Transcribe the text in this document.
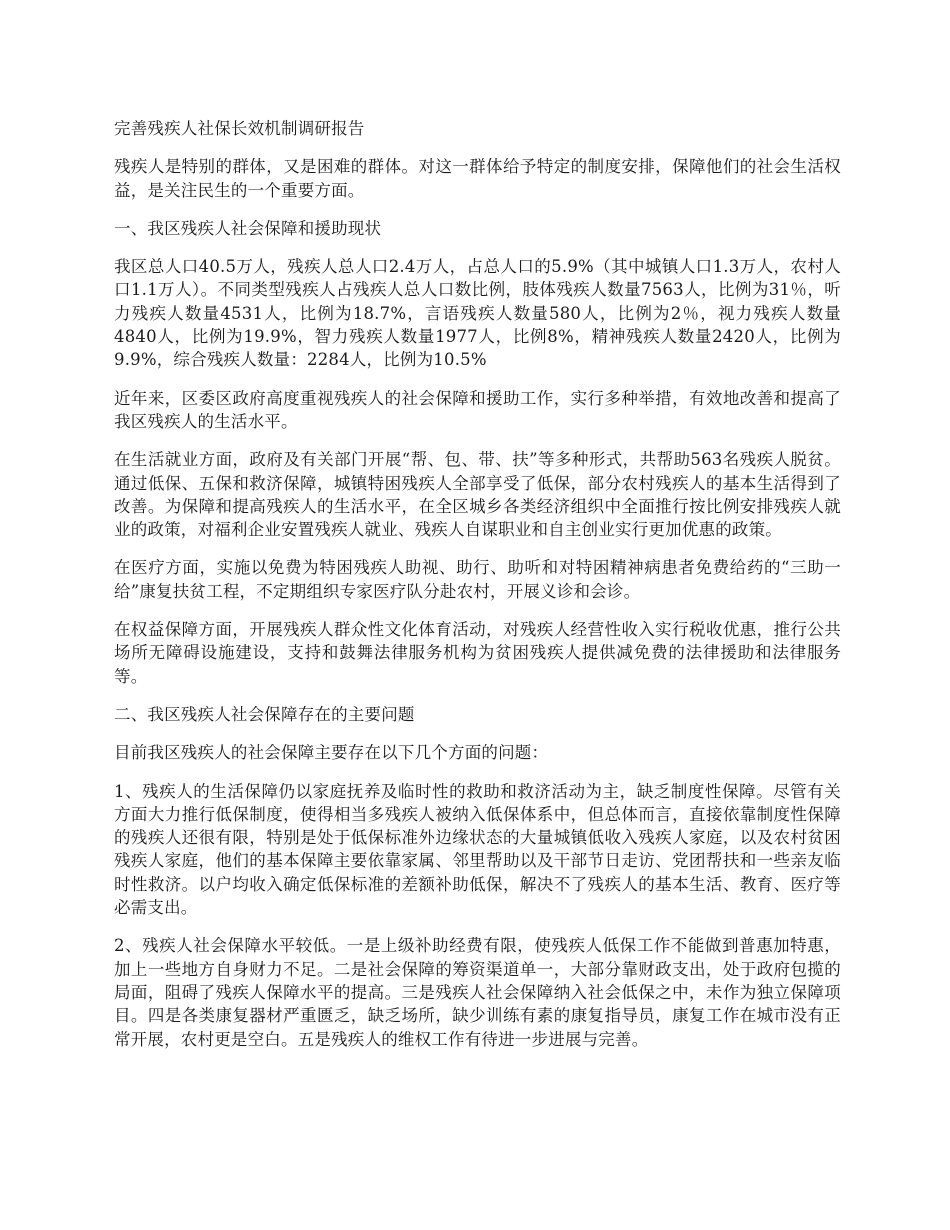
完善残疾人社保长效机制调研报告
残疾人是特别的群体，又是困难的群体。对这一群体给予特定的制度安排，保障他们的社会生活权益，是关注民生的一个重要方面。
一、我区残疾人社会保障和援助现状
我区总人口40.5万人，残疾人总人口2.4万人，占总人口的5.9%（其中城镇人口1.3万人，农村人口1.1万人）。不同类型残疾人占残疾人总人口数比例，肢体残疾人数量7563人，比例为31％，听力残疾人数量4531人，比例为18.7%，言语残疾人数量580人，比例为2％，视力残疾人数量4840人，比例为19.9%，智力残疾人数量1977人，比例8%，精神残疾人数量2420人，比例为9.9%，综合残疾人数量：2284人，比例为10.5%
近年来，区委区政府高度重视残疾人的社会保障和援助工作，实行多种举措，有效地改善和提高了我区残疾人的生活水平。
在生活就业方面，政府及有关部门开展“帮、包、带、扶”等多种形式，共帮助563名残疾人脱贫。通过低保、五保和救济保障，城镇特困残疾人全部享受了低保，部分农村残疾人的基本生活得到了改善。为保障和提高残疾人的生活水平，在全区城乡各类经济组织中全面推行按比例安排残疾人就业的政策，对福利企业安置残疾人就业、残疾人自谋职业和自主创业实行更加优惠的政策。
在医疗方面，实施以免费为特困残疾人助视、助行、助听和对特困精神病患者免费给药的“三助一给”康复扶贫工程，不定期组织专家医疗队分赴农村，开展义诊和会诊。
在权益保障方面，开展残疾人群众性文化体育活动，对残疾人经营性收入实行税收优惠，推行公共场所无障碍设施建设，支持和鼓舞法律服务机构为贫困残疾人提供减免费的法律援助和法律服务等。
二、我区残疾人社会保障存在的主要问题
目前我区残疾人的社会保障主要存在以下几个方面的问题：
1、残疾人的生活保障仍以家庭抚养及临时性的救助和救济活动为主，缺乏制度性保障。尽管有关方面大力推行低保制度，使得相当多残疾人被纳入低保体系中，但总体而言，直接依靠制度性保障的残疾人还很有限，特别是处于低保标准外边缘状态的大量城镇低收入残疾人家庭，以及农村贫困残疾人家庭，他们的基本保障主要依靠家属、邻里帮助以及干部节日走访、党团帮扶和一些亲友临时性救济。以户均收入确定低保标准的差额补助低保，解决不了残疾人的基本生活、教育、医疗等必需支出。
2、残疾人社会保障水平较低。一是上级补助经费有限，使残疾人低保工作不能做到普惠加特惠，加上一些地方自身财力不足。二是社会保障的筹资渠道单一，大部分靠财政支出，处于政府包揽的局面，阻碍了残疾人保障水平的提高。三是残疾人社会保障纳入社会低保之中，未作为独立保障项目。四是各类康复器材严重匮乏，缺乏场所，缺少训练有素的康复指导员，康复工作在城市没有正常开展，农村更是空白。五是残疾人的维权工作有待进一步进展与完善。
